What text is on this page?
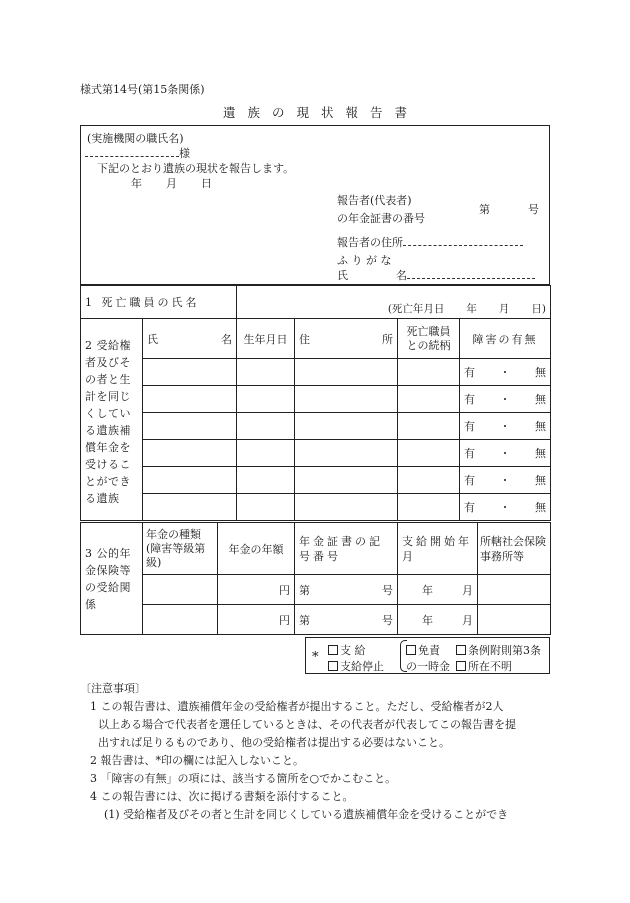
様式第14号(第15条関係)
遺族の現状報告書
(実施機関の職氏名)
様
下記のとおり遺族の現状を報告します。
年 月 日
報告者(代表者)
の年金証書の番号
第	号
報告者の住所
ふ り が な
氏	名
1 死亡職員の氏名		(死亡年月日 年 月 日)			

2 受給権者及びその者と生計を同じくしている遺族補償年金を受けることができる遺族	氏 名	生年月日	住 所	死亡職員との続柄	障害の有無

					有 ・ 無

					有 ・ 無

					有 ・ 無

					有 ・ 無

					有 ・ 無

					有 ・ 無
3 公的年金保険等の受給関係	年金の種類(障害等級第 級)	年金の年額	年金証書の記号番号	支給開始年 月	所轄社会保険事務所等
		円	第 号	年 月	

		円	第 号	年 月	

*	支 給
支給停止
免責
の一時金
条例附則第3条
所在不明

〔注意事項〕

1 この報告書は、遺族補償年金の受給権者が提出すること。ただし、受給権者が2人

以上ある場合で代表者を選任しているときは、その代表者が代表してこの報告書を提

出すれば足りるものであり、他の受給権者は提出する必要はないこと。

2 報告書は、*印の欄には記入しないこと。

3 「障害の有無」の項には、該当する箇所を○でかこむこと。

4 この報告書には、次に掲げる書類を添付すること。

(1) 受給権者及びその者と生計を同じくしている遺族補償年金を受けることができ
